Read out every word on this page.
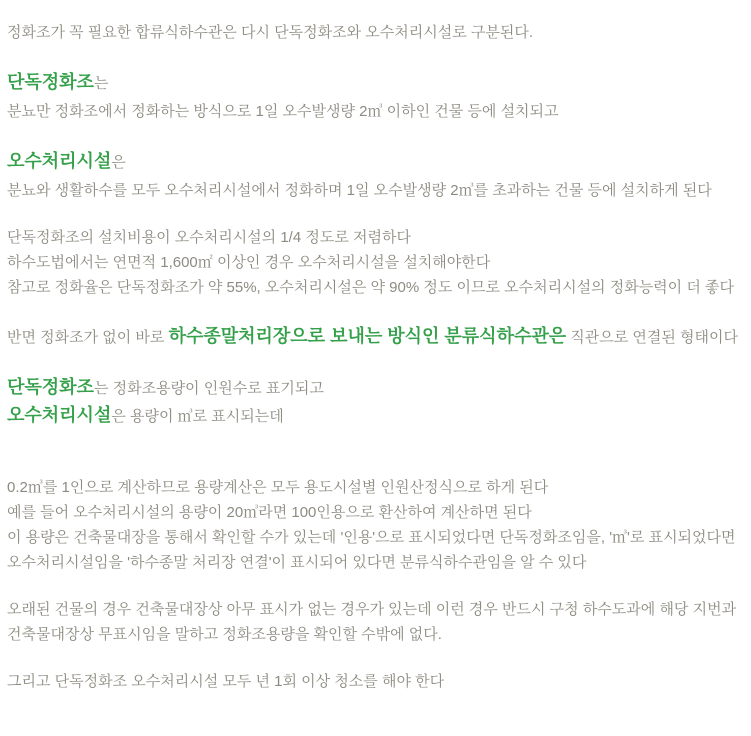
정화조가 꼭 필요한 합류식하수관은 다시 단독정화조와 오수처리시설로 구분된다.

단독정화조는

분뇨만 정화조에서 정화하는 방식으로 1일 오수발생량 2㎥ 이하인 건물 등에 설치되고

오수처리시설은

분뇨와 생활하수를 모두 오수처리시설에서 정화하며 1일 오수발생량 2㎥를 초과하는 건물 등에 설치하게 된다

단독정화조의 설치비용이 오수처리시설의 1/4 정도로 저렴하다
하수도법에서는 연면적 1,600㎡ 이상인 경우 오수처리시설을 설치해야한다
참고로 정화율은 단독정화조가 약 55%, 오수처리시설은 약 90% 정도 이므로 오수처리시설의 정화능력이 더 좋다

반면 정화조가 없이 바로 하수종말처리장으로 보내는 방식인 분류식하수관은 직관으로 연결된 형태이다

단독정화조는 정화조용량이 인원수로 표기되고
오수처리시설은 용량이 ㎥로 표시되는데

0.2㎥를 1인으로 계산하므로 용량계산은 모두 용도시설별 인원산정식으로 하게 된다
예를 들어 오수처리시설의 용량이 20㎥라면 100인용으로 환산하여 계산하면 된다
이 용량은 건축물대장을 통해서 확인할 수가 있는데 '인용'으로 표시되었다면 단독정화조임을, '㎥'로 표시되었다면 오수처리시설임을 '하수종말 처리장 연결'이 표시되어 있다면 분류식하수관임을 알 수 있다

오래된 건물의 경우 건축물대장상 아무 표시가 없는 경우가 있는데 이런 경우 반드시 구청 하수도과에 해당 지번과 건축물대장상 무표시임을 말하고 정화조용량을 확인할 수밖에 없다.

그리고 단독정화조 오수처리시설 모두 년 1회 이상 청소를 해야 한다
